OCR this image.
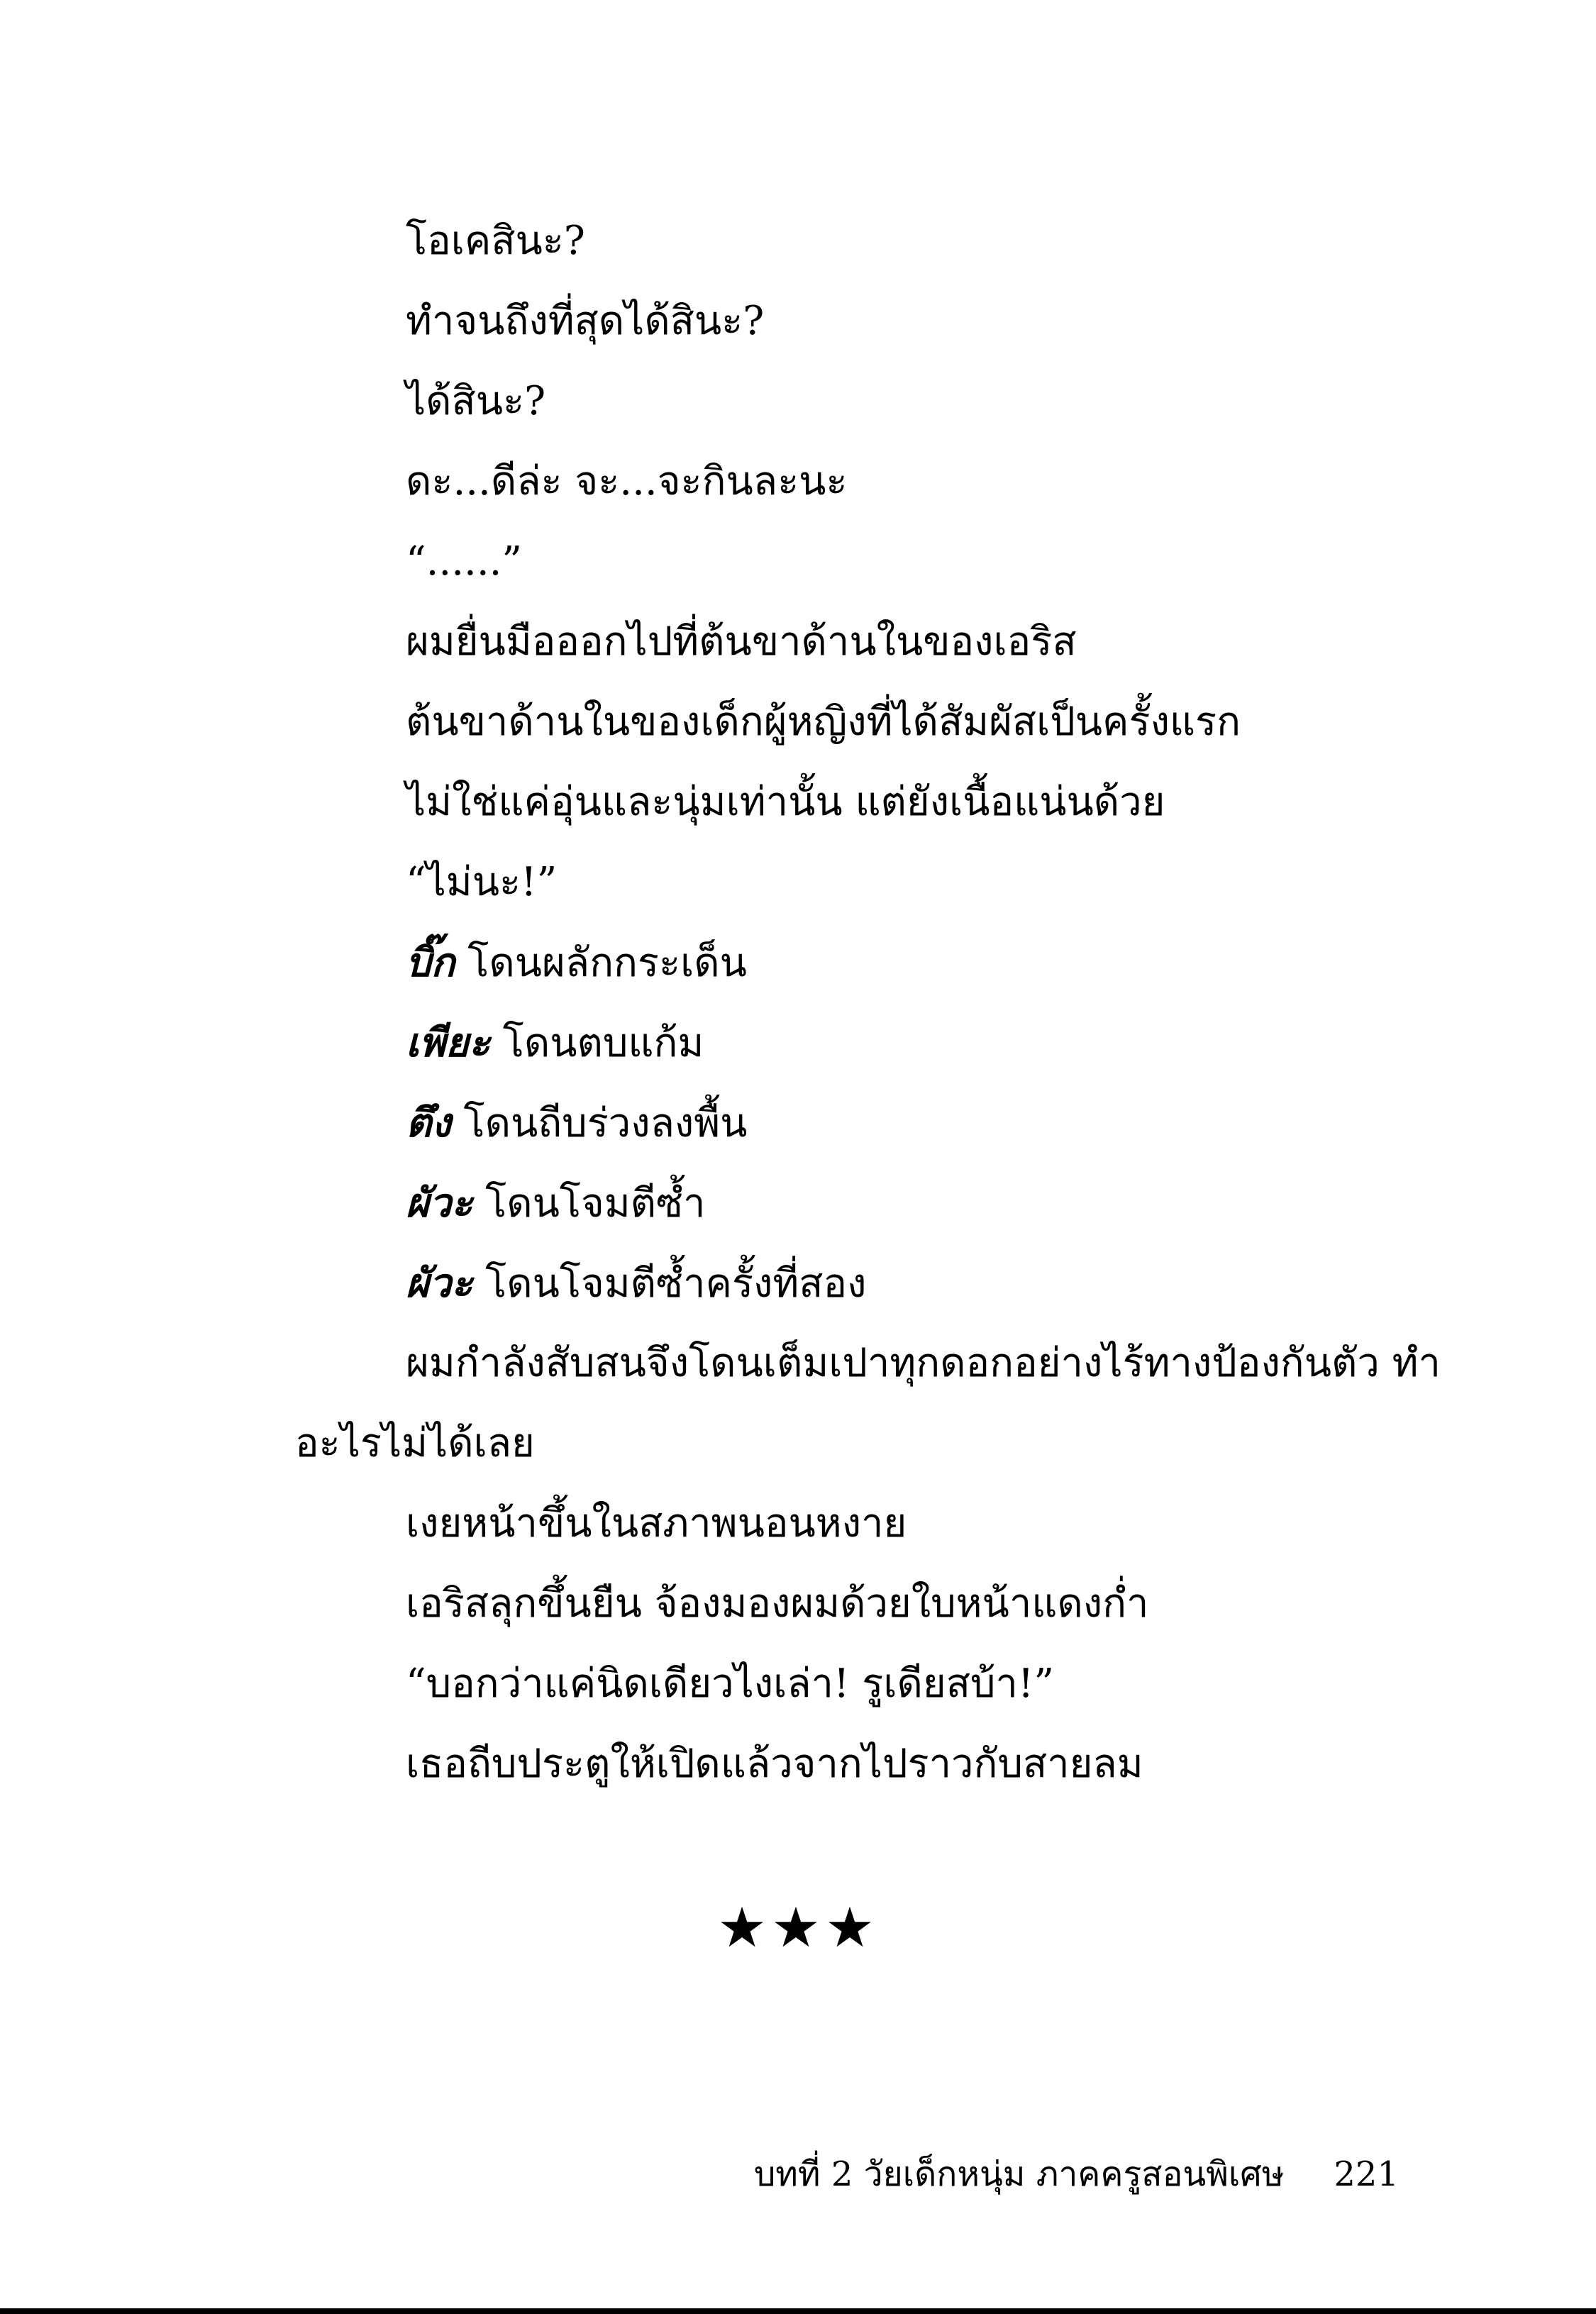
โอเคสินะ?
ทำจนถึงที่สุดได้สินะ?
ได้สินะ?
ดะ...ดีล่ะ จะ...จะกินละนะ
“......”
ผมยื่นมือออกไปที่ต้นขาด้านในของเอริส
ต้นขาด้านในของเด็กผู้หญิงที่ได้สัมผัสเป็นครั้งแรก
ไม่ใช่แค่อุ่นและนุ่มเท่านั้น แต่ยังเนื้อแน่นด้วย
“ไม่นะ!”
บิ๊ก โดนผลักกระเด็น
เพียะ โดนตบแก้ม
ตึง โดนถีบร่วงลงพื้น
ผัวะ โดนโจมตีซ้ำ
ผัวะ โดนโจมตีซ้ำครั้งที่สอง
ผมกำลังสับสนจึงโดนเต็มเปาทุกดอกอย่างไร้ทางป้องกันตัว ทำ
อะไรไม่ได้เลย
เงยหน้าขึ้นในสภาพนอนหงาย
เอริสลุกขึ้นยืน จ้องมองผมด้วยใบหน้าแดงก่ำ
“บอกว่าแค่นิดเดียวไงเล่า! รูเดียสบ้า!”
เธอถีบประตูให้เปิดแล้วจากไปราวกับสายลม
★★★
บทที่ 2 วัยเด็กหนุ่ม ภาคครูสอนพิเศษ 221
